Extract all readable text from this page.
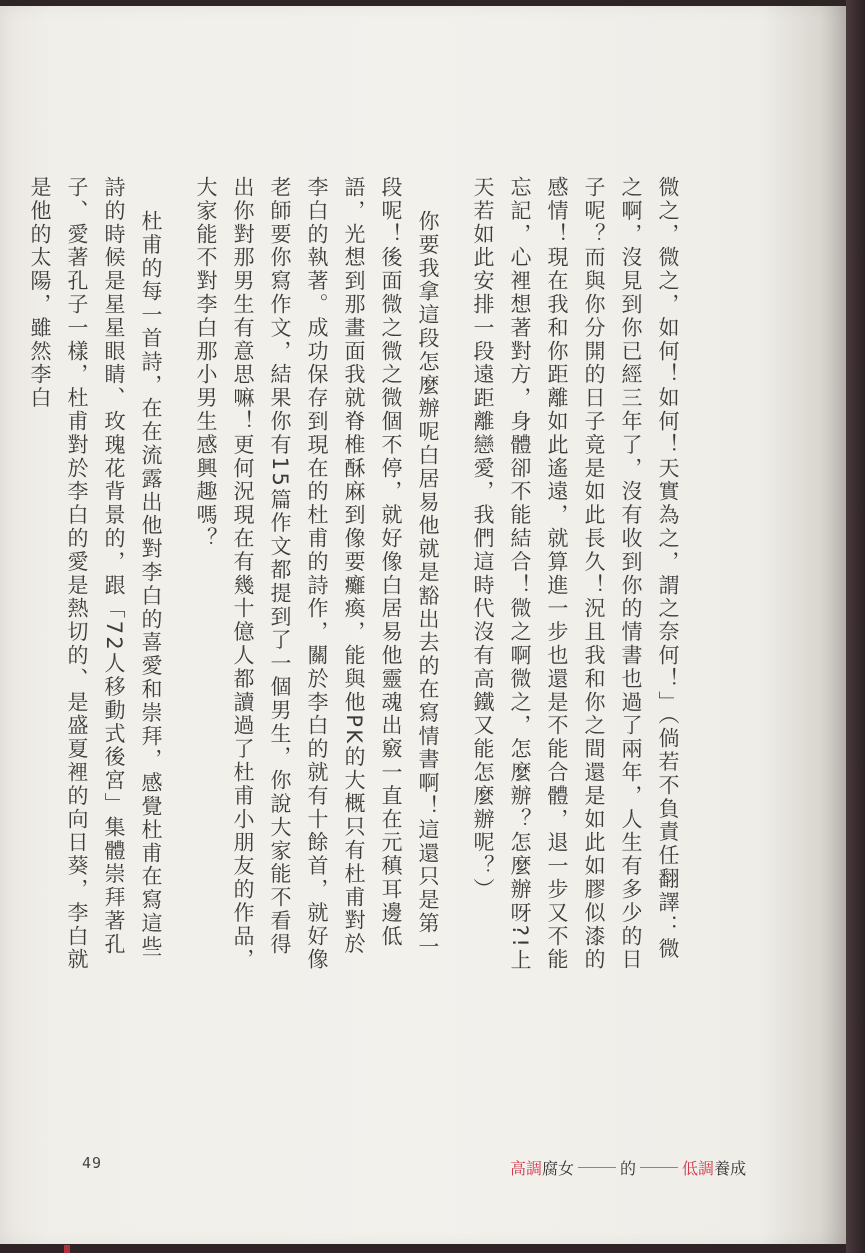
微之，微之，如何！如何！天實為之，謂之奈何！」（倘若不負責任翻譯：微之啊，沒見到你已經三年了，沒有收到你的情書也過了兩年，人生有多少的日子呢？而與你分開的日子竟是如此長久！況且我和你之間還是如此如膠似漆的感情！現在我和你距離如此遙遠，就算進一步也還是不能合體，退一步又不能忘記，心裡想著對方，身體卻不能結合！微之啊微之，怎麼辦？怎麼辦呀?!上天若如此安排一段遠距離戀愛，我們這時代沒有高鐵又能怎麼辦呢？）

你要我拿這段怎麼辦呢白居易他就是豁出去的在寫情書啊！這還只是第一段呢！後面微之微之微個不停，就好像白居易他靈魂出竅一直在元稹耳邊低語，光想到那畫面我就脊椎酥麻到像要癱瘓，能與他PK的大概只有杜甫對於李白的執著。成功保存到現在的杜甫的詩作，關於李白的就有十餘首，就好像老師要你寫作文，結果你有15篇作文都提到了一個男生，你說大家能不看得出你對那男生有意思嘛！更何況現在有幾十億人都讀過了杜甫小朋友的作品，大家能不對李白那小男生感興趣嗎？

杜甫的每一首詩，在在流露出他對李白的喜愛和崇拜，感覺杜甫在寫這些詩的時候是星星眼睛、玫瑰花背景的，跟「72人移動式後宮」集體崇拜著孔子、愛著孔子一樣，杜甫對於李白的愛是熱切的、是盛夏裡的向日葵，李白就是他的太陽，雖然李白

49	高調 腐女	的	低調 養成
